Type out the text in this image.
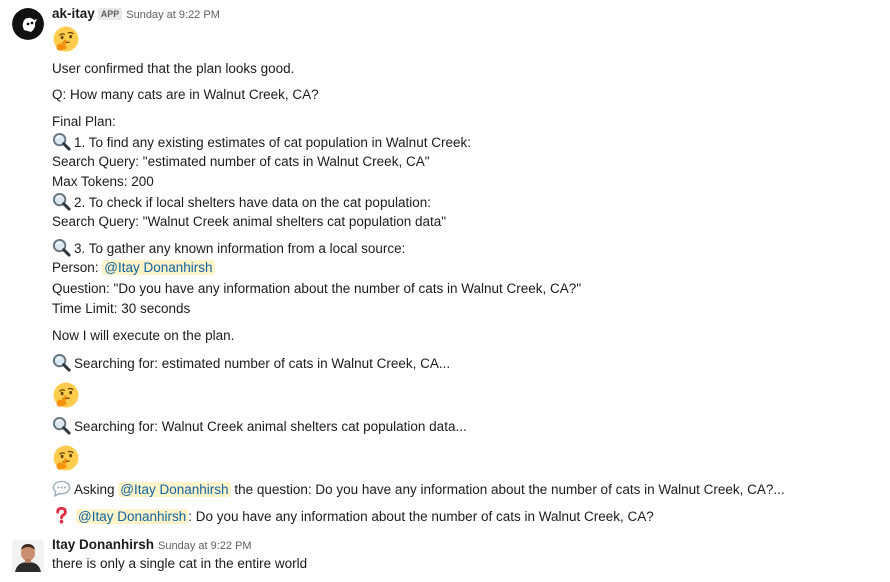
ak-itay APP Sunday at 9:22 PM
User confirmed that the plan looks good.
Q: How many cats are in Walnut Creek, CA?
Final Plan:
1. To find any existing estimates of cat population in Walnut Creek:
Search Query: "estimated number of cats in Walnut Creek, CA"
Max Tokens: 200
2. To check if local shelters have data on the cat population:
Search Query: "Walnut Creek animal shelters cat population data"
3. To gather any known information from a local source:
Person: @Itay Donanhirsh
Question: "Do you have any information about the number of cats in Walnut Creek, CA?"
Time Limit: 30 seconds
Now I will execute on the plan.
Searching for: estimated number of cats in Walnut Creek, CA...
Searching for: Walnut Creek animal shelters cat population data...
Asking @Itay Donanhirsh the question: Do you have any information about the number of cats in Walnut Creek, CA?...
@Itay Donanhirsh : Do you have any information about the number of cats in Walnut Creek, CA?
Itay Donanhirsh Sunday at 9:22 PM
there is only a single cat in the entire world
